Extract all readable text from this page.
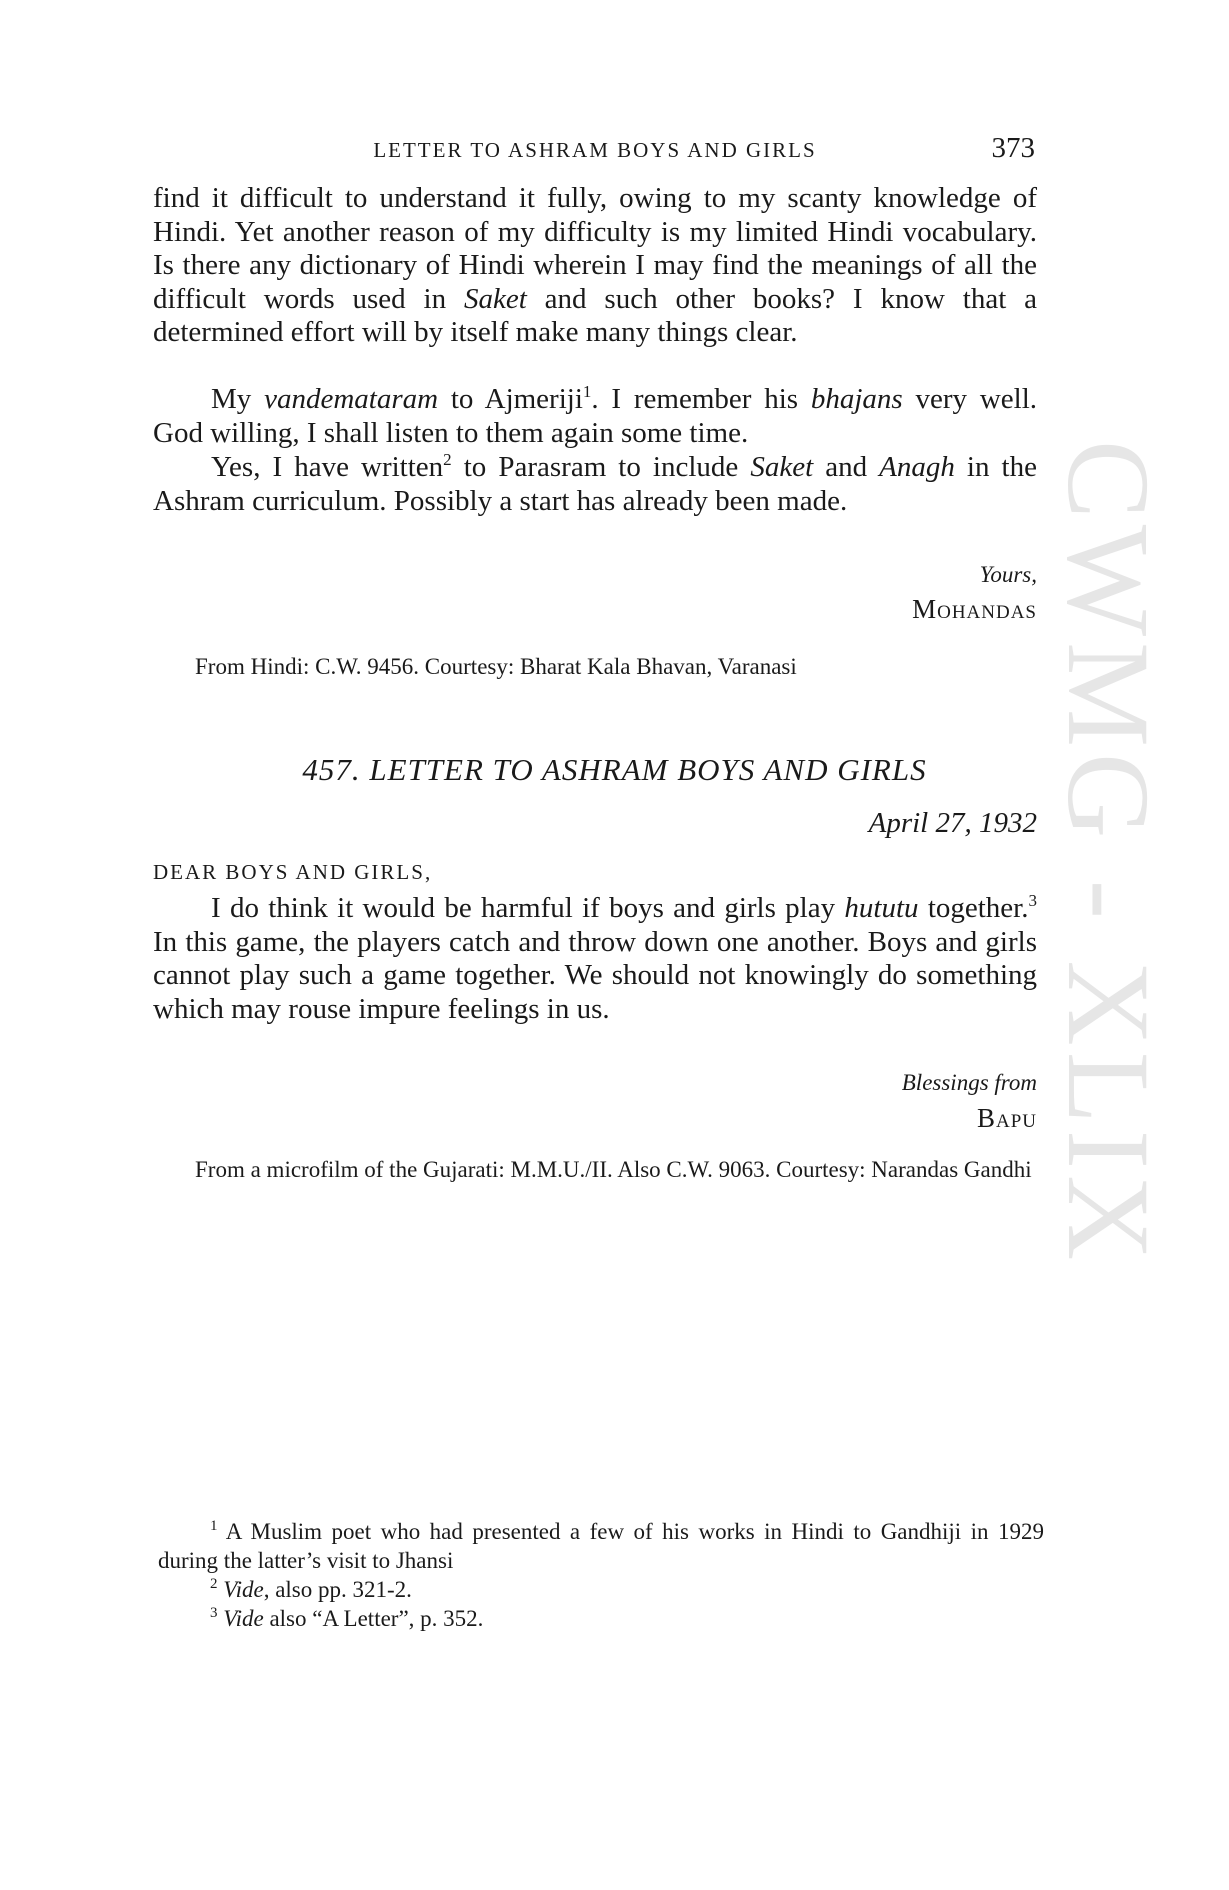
LETTER TO ASHRAM BOYS AND GIRLS	373

find it difficult to understand it fully, owing to my scanty knowledge of Hindi. Yet another reason of my difficulty is my limited Hindi vocabulary. Is there any dictionary of Hindi wherein I may find the meanings of all the difficult words used in Saket and such other books? I know that a determined effort will by itself make many things clear.

My vandemataram to Ajmeriji$^1$. I remember his bhajans very well. God willing, I shall listen to them again some time.

Yes, I have written$^2$ to Parasram to include Saket and Anagh in the Ashram curriculum. Possibly a start has already been made.

Yours,

Mohandas

From Hindi: C.W. 9456. Courtesy: Bharat Kala Bhavan, Varanasi

457. LETTER TO ASHRAM BOYS AND GIRLS
April 27, 1932
DEAR BOYS AND GIRLS,

I do think it would be harmful if boys and girls play hututu together.$^3$ In this game, the players catch and throw down one another. Boys and girls cannot play such a game together. We should not knowingly do something which may rouse impure feelings in us.

Blessings from

Bapu

From a microfilm of the Gujarati: M.M.U./II. Also C.W. 9063. Courtesy: Narandas Gandhi

$^1$ A Muslim poet who had presented a few of his works in Hindi to Gandhiji in 1929 during the latter’s visit to Jhansi

$^2$ Vide, also pp. 321-2.

$^3$ Vide also “A Letter”, p. 352.

CWMG - XLIX
